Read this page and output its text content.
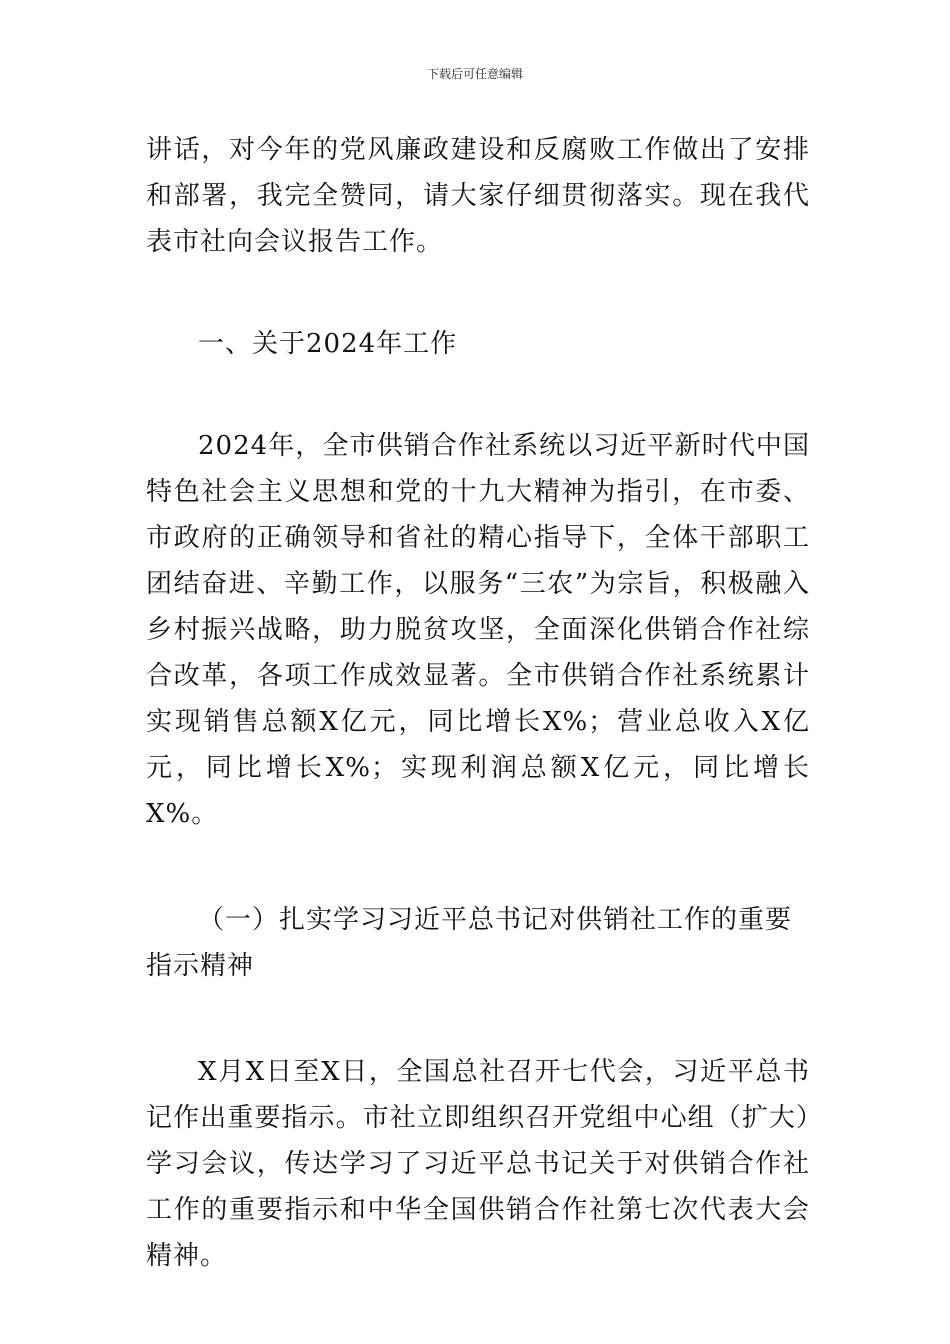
下载后可任意编辑

讲话，对今年的党风廉政建设和反腐败工作做出了安排和部署，我完全赞同，请大家仔细贯彻落实。现在我代表市社向会议报告工作。

一、关于2024年工作

2024年，全市供销合作社系统以习近平新时代中国特色社会主义思想和党的十九大精神为指引，在市委、市政府的正确领导和省社的精心指导下，全体干部职工团结奋进、辛勤工作，以服务“三农”为宗旨，积极融入乡村振兴战略，助力脱贫攻坚，全面深化供销合作社综合改革，各项工作成效显著。全市供销合作社系统累计实现销售总额X亿元，同比增长X%；营业总收入X亿元，同比增长X%；实现利润总额X亿元，同比增长X%。

（一）扎实学习习近平总书记对供销社工作的重要指示精神

X月X日至X日，全国总社召开七代会，习近平总书记作出重要指示。市社立即组织召开党组中心组（扩大）学习会议，传达学习了习近平总书记关于对供销合作社工作的重要指示和中华全国供销合作社第七次代表大会精神。
